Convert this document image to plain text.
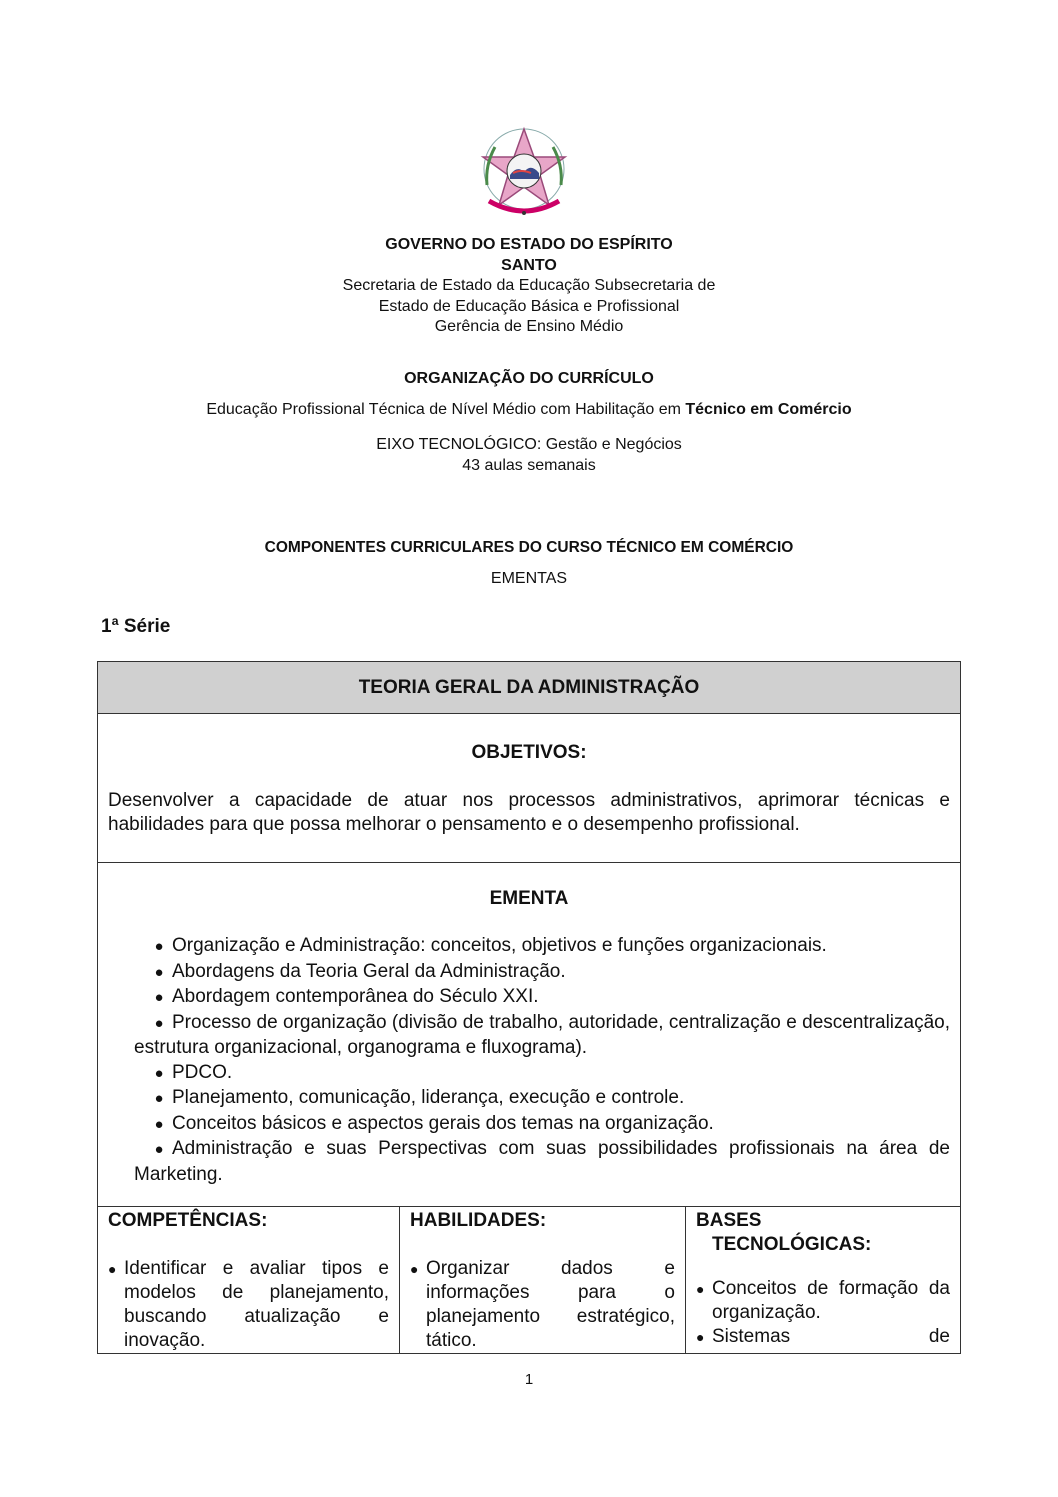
GOVERNO DO ESTADO DO ESPÍRITO
SANTO
Secretaria de Estado da Educação Subsecretaria de
Estado de Educação Básica e Profissional
Gerência de Ensino Médio
ORGANIZAÇÃO DO CURRÍCULO
Educação Profissional Técnica de Nível Médio com Habilitação em Técnico em Comércio
EIXO TECNOLÓGICO: Gestão e Negócios
43 aulas semanais
COMPONENTES CURRICULARES DO CURSO TÉCNICO EM COMÉRCIO
EMENTAS
1ª Série
TEORIA GERAL DA ADMINISTRAÇÃO
OBJETIVOS:

Desenvolver a capacidade de atuar nos processos administrativos, aprimorar técnicas e habilidades para que possa melhorar o pensamento e o desempenho profissional.

EMENTA
● Organização e Administração: conceitos, objetivos e funções organizacionais.
● Abordagens da Teoria Geral da Administração.
● Abordagem contemporânea do Século XXI.
● Processo de organização (divisão de trabalho, autoridade, centralização e descentralização, estrutura organizacional, organograma e fluxograma).
● PDCO.
● Planejamento, comunicação, liderança, execução e controle.
● Conceitos básicos e aspectos gerais dos temas na organização.
● Administração e suas Perspectivas com suas possibilidades profissionais na área de Marketing.
COMPETÊNCIAS:
● Identificar e avaliar tipos e modelos de planejamento, buscando atualização e inovação.
HABILIDADES:
● Organizar dados e informações para o planejamento estratégico, tático.
BASES
TECNOLÓGICAS:
● Conceitos de formação da organização.
● Sistemas	de
1
